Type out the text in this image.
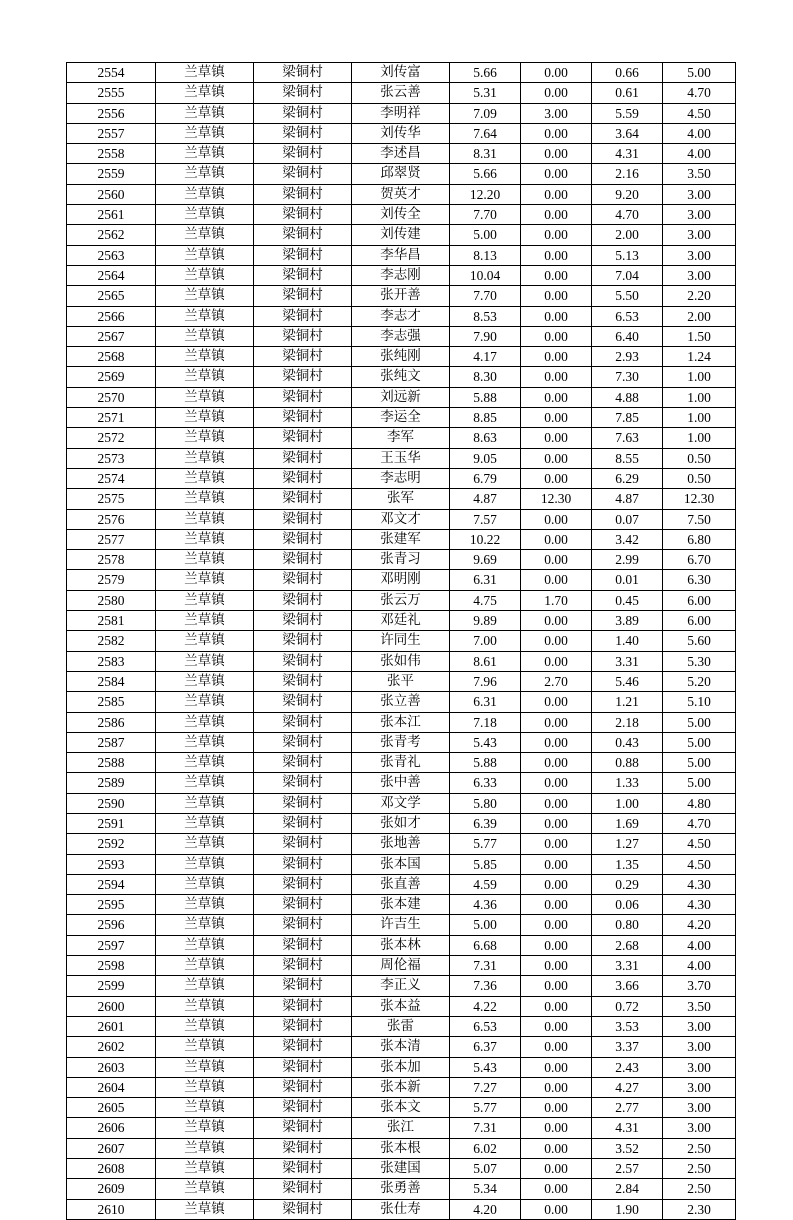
2554	兰草镇	梁铜村	刘传富	5.66	0.00	0.66	5.00
2555	兰草镇	梁铜村	张云善	5.31	0.00	0.61	4.70
2556	兰草镇	梁铜村	李明祥	7.09	3.00	5.59	4.50
2557	兰草镇	梁铜村	刘传华	7.64	0.00	3.64	4.00
2558	兰草镇	梁铜村	李述昌	8.31	0.00	4.31	4.00
2559	兰草镇	梁铜村	邱翠贤	5.66	0.00	2.16	3.50
2560	兰草镇	梁铜村	贺英才	12.20	0.00	9.20	3.00
2561	兰草镇	梁铜村	刘传全	7.70	0.00	4.70	3.00
2562	兰草镇	梁铜村	刘传建	5.00	0.00	2.00	3.00
2563	兰草镇	梁铜村	李华昌	8.13	0.00	5.13	3.00
2564	兰草镇	梁铜村	李志刚	10.04	0.00	7.04	3.00
2565	兰草镇	梁铜村	张开善	7.70	0.00	5.50	2.20
2566	兰草镇	梁铜村	李志才	8.53	0.00	6.53	2.00
2567	兰草镇	梁铜村	李志强	7.90	0.00	6.40	1.50
2568	兰草镇	梁铜村	张纯刚	4.17	0.00	2.93	1.24
2569	兰草镇	梁铜村	张纯文	8.30	0.00	7.30	1.00
2570	兰草镇	梁铜村	刘远新	5.88	0.00	4.88	1.00
2571	兰草镇	梁铜村	李运全	8.85	0.00	7.85	1.00
2572	兰草镇	梁铜村	李军	8.63	0.00	7.63	1.00
2573	兰草镇	梁铜村	王玉华	9.05	0.00	8.55	0.50
2574	兰草镇	梁铜村	李志明	6.79	0.00	6.29	0.50
2575	兰草镇	梁铜村	张军	4.87	12.30	4.87	12.30
2576	兰草镇	梁铜村	邓文才	7.57	0.00	0.07	7.50
2577	兰草镇	梁铜村	张建军	10.22	0.00	3.42	6.80
2578	兰草镇	梁铜村	张青习	9.69	0.00	2.99	6.70
2579	兰草镇	梁铜村	邓明刚	6.31	0.00	0.01	6.30
2580	兰草镇	梁铜村	张云万	4.75	1.70	0.45	6.00
2581	兰草镇	梁铜村	邓廷礼	9.89	0.00	3.89	6.00
2582	兰草镇	梁铜村	许同生	7.00	0.00	1.40	5.60
2583	兰草镇	梁铜村	张如伟	8.61	0.00	3.31	5.30
2584	兰草镇	梁铜村	张平	7.96	2.70	5.46	5.20
2585	兰草镇	梁铜村	张立善	6.31	0.00	1.21	5.10
2586	兰草镇	梁铜村	张本江	7.18	0.00	2.18	5.00
2587	兰草镇	梁铜村	张青考	5.43	0.00	0.43	5.00
2588	兰草镇	梁铜村	张青礼	5.88	0.00	0.88	5.00
2589	兰草镇	梁铜村	张中善	6.33	0.00	1.33	5.00
2590	兰草镇	梁铜村	邓文学	5.80	0.00	1.00	4.80
2591	兰草镇	梁铜村	张如才	6.39	0.00	1.69	4.70
2592	兰草镇	梁铜村	张地善	5.77	0.00	1.27	4.50
2593	兰草镇	梁铜村	张本国	5.85	0.00	1.35	4.50
2594	兰草镇	梁铜村	张直善	4.59	0.00	0.29	4.30
2595	兰草镇	梁铜村	张本建	4.36	0.00	0.06	4.30
2596	兰草镇	梁铜村	许吉生	5.00	0.00	0.80	4.20
2597	兰草镇	梁铜村	张本林	6.68	0.00	2.68	4.00
2598	兰草镇	梁铜村	周伦福	7.31	0.00	3.31	4.00
2599	兰草镇	梁铜村	李正义	7.36	0.00	3.66	3.70
2600	兰草镇	梁铜村	张本益	4.22	0.00	0.72	3.50
2601	兰草镇	梁铜村	张雷	6.53	0.00	3.53	3.00
2602	兰草镇	梁铜村	张本清	6.37	0.00	3.37	3.00
2603	兰草镇	梁铜村	张本加	5.43	0.00	2.43	3.00
2604	兰草镇	梁铜村	张本新	7.27	0.00	4.27	3.00
2605	兰草镇	梁铜村	张本文	5.77	0.00	2.77	3.00
2606	兰草镇	梁铜村	张江	7.31	0.00	4.31	3.00
2607	兰草镇	梁铜村	张本根	6.02	0.00	3.52	2.50
2608	兰草镇	梁铜村	张建国	5.07	0.00	2.57	2.50
2609	兰草镇	梁铜村	张勇善	5.34	0.00	2.84	2.50
2610	兰草镇	梁铜村	张仕寿	4.20	0.00	1.90	2.30
